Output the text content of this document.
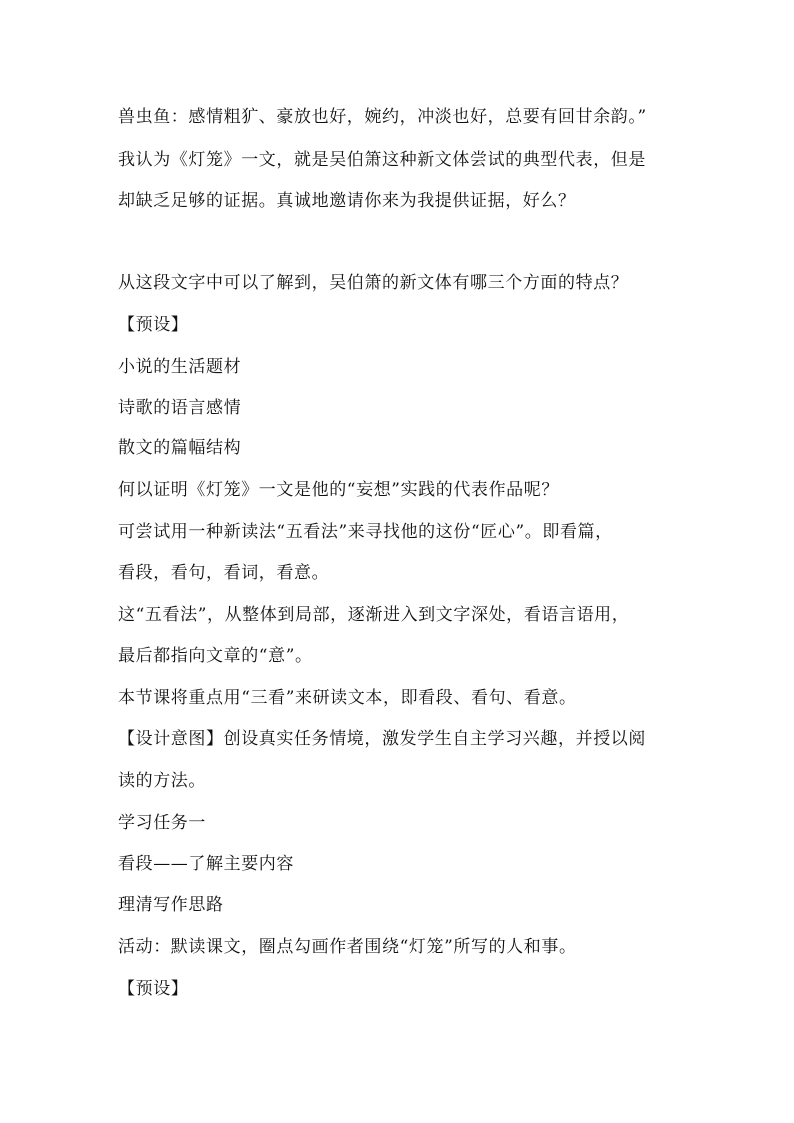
兽虫鱼：感情粗犷、豪放也好，婉约，冲淡也好，总要有回甘余韵。”
我认为《灯笼》一文，就是吴伯箫这种新文体尝试的典型代表，但是
却缺乏足够的证据。真诚地邀请你来为我提供证据，好么？
从这段文字中可以了解到，吴伯箫的新文体有哪三个方面的特点？
【预设】
小说的生活题材
诗歌的语言感情
散文的篇幅结构
何以证明《灯笼》一文是他的“妄想”实践的代表作品呢？
可尝试用一种新读法“五看法”来寻找他的这份“匠心”。即看篇，
看段，看句，看词，看意。
这“五看法”，从整体到局部，逐渐进入到文字深处，看语言语用，
最后都指向文章的“意”。
本节课将重点用“三看”来研读文本，即看段、看句、看意。
【设计意图】创设真实任务情境，激发学生自主学习兴趣，并授以阅
读的方法。
学习任务一
看段——了解主要内容
理清写作思路
活动：默读课文，圈点勾画作者围绕“灯笼”所写的人和事。
【预设】
